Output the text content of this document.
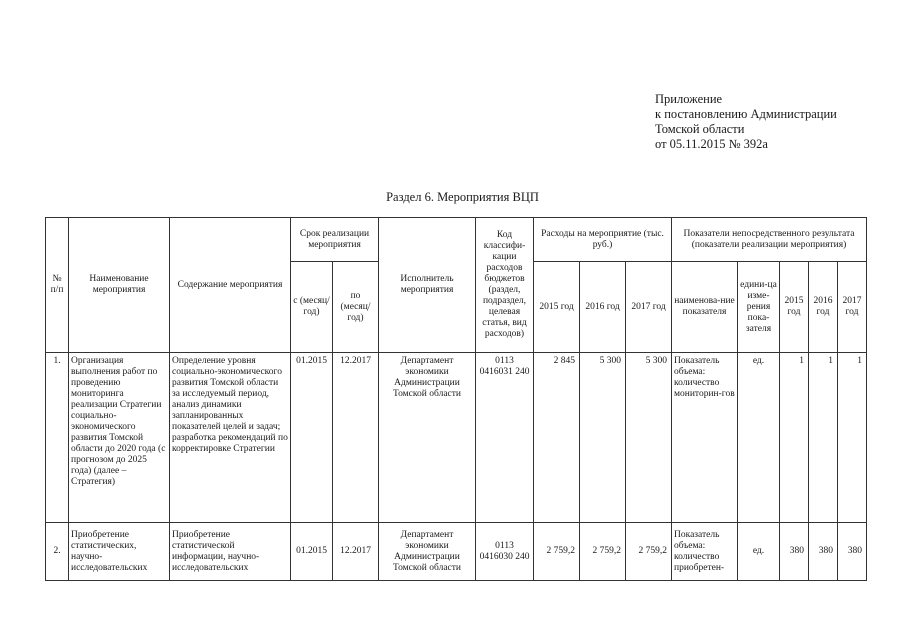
Приложение
к постановлению Администрации
Томской области
от 05.11.2015 № 392а
Раздел 6. Мероприятия ВЦП
№ п/п	Наименование мероприятия	Содержание мероприятия	Срок реализации мероприятия		Исполнитель мероприятия	Код классифи-кации расходов бюджетов (раздел, подраздел, целевая статья, вид расходов)	Расходы на мероприятие (тыс. руб.)			Показатели непосредственного результата (показатели реализации мероприятия)				
			с (месяц/ год)	по (месяц/ год)			2015 год	2016 год	2017 год	наименова-ние показателя	едини-ца изме-рения пока-зателя	2015 год	2016 год	2017 год
1.	Организация выполнения работ по проведению мониторинга реализации Стратегии социально-экономического развития Томской области до 2020 года (с прогнозом до 2025 года) (далее – Стратегия)	Определение уровня социально-экономического развития Томской области за исследуемый период, анализ динамики запланированных показателей целей и задач; разработка рекомендаций по корректировке Стратегии	01.2015	12.2017	Департамент экономики Администрации Томской области	0113 0416031 240	2 845	5 300	5 300	Показатель объема: количество мониторин-гов	ед.	1	1	1
2.	Приобретение статистических, научно-исследовательских	Приобретение статистической информации, научно-исследовательских	01.2015	12.2017	Департамент экономики Администрации Томской области	0113 0416030 240	2 759,2	2 759,2	2 759,2	Показатель объема: количество приобретен-	ед.	380	380	380
